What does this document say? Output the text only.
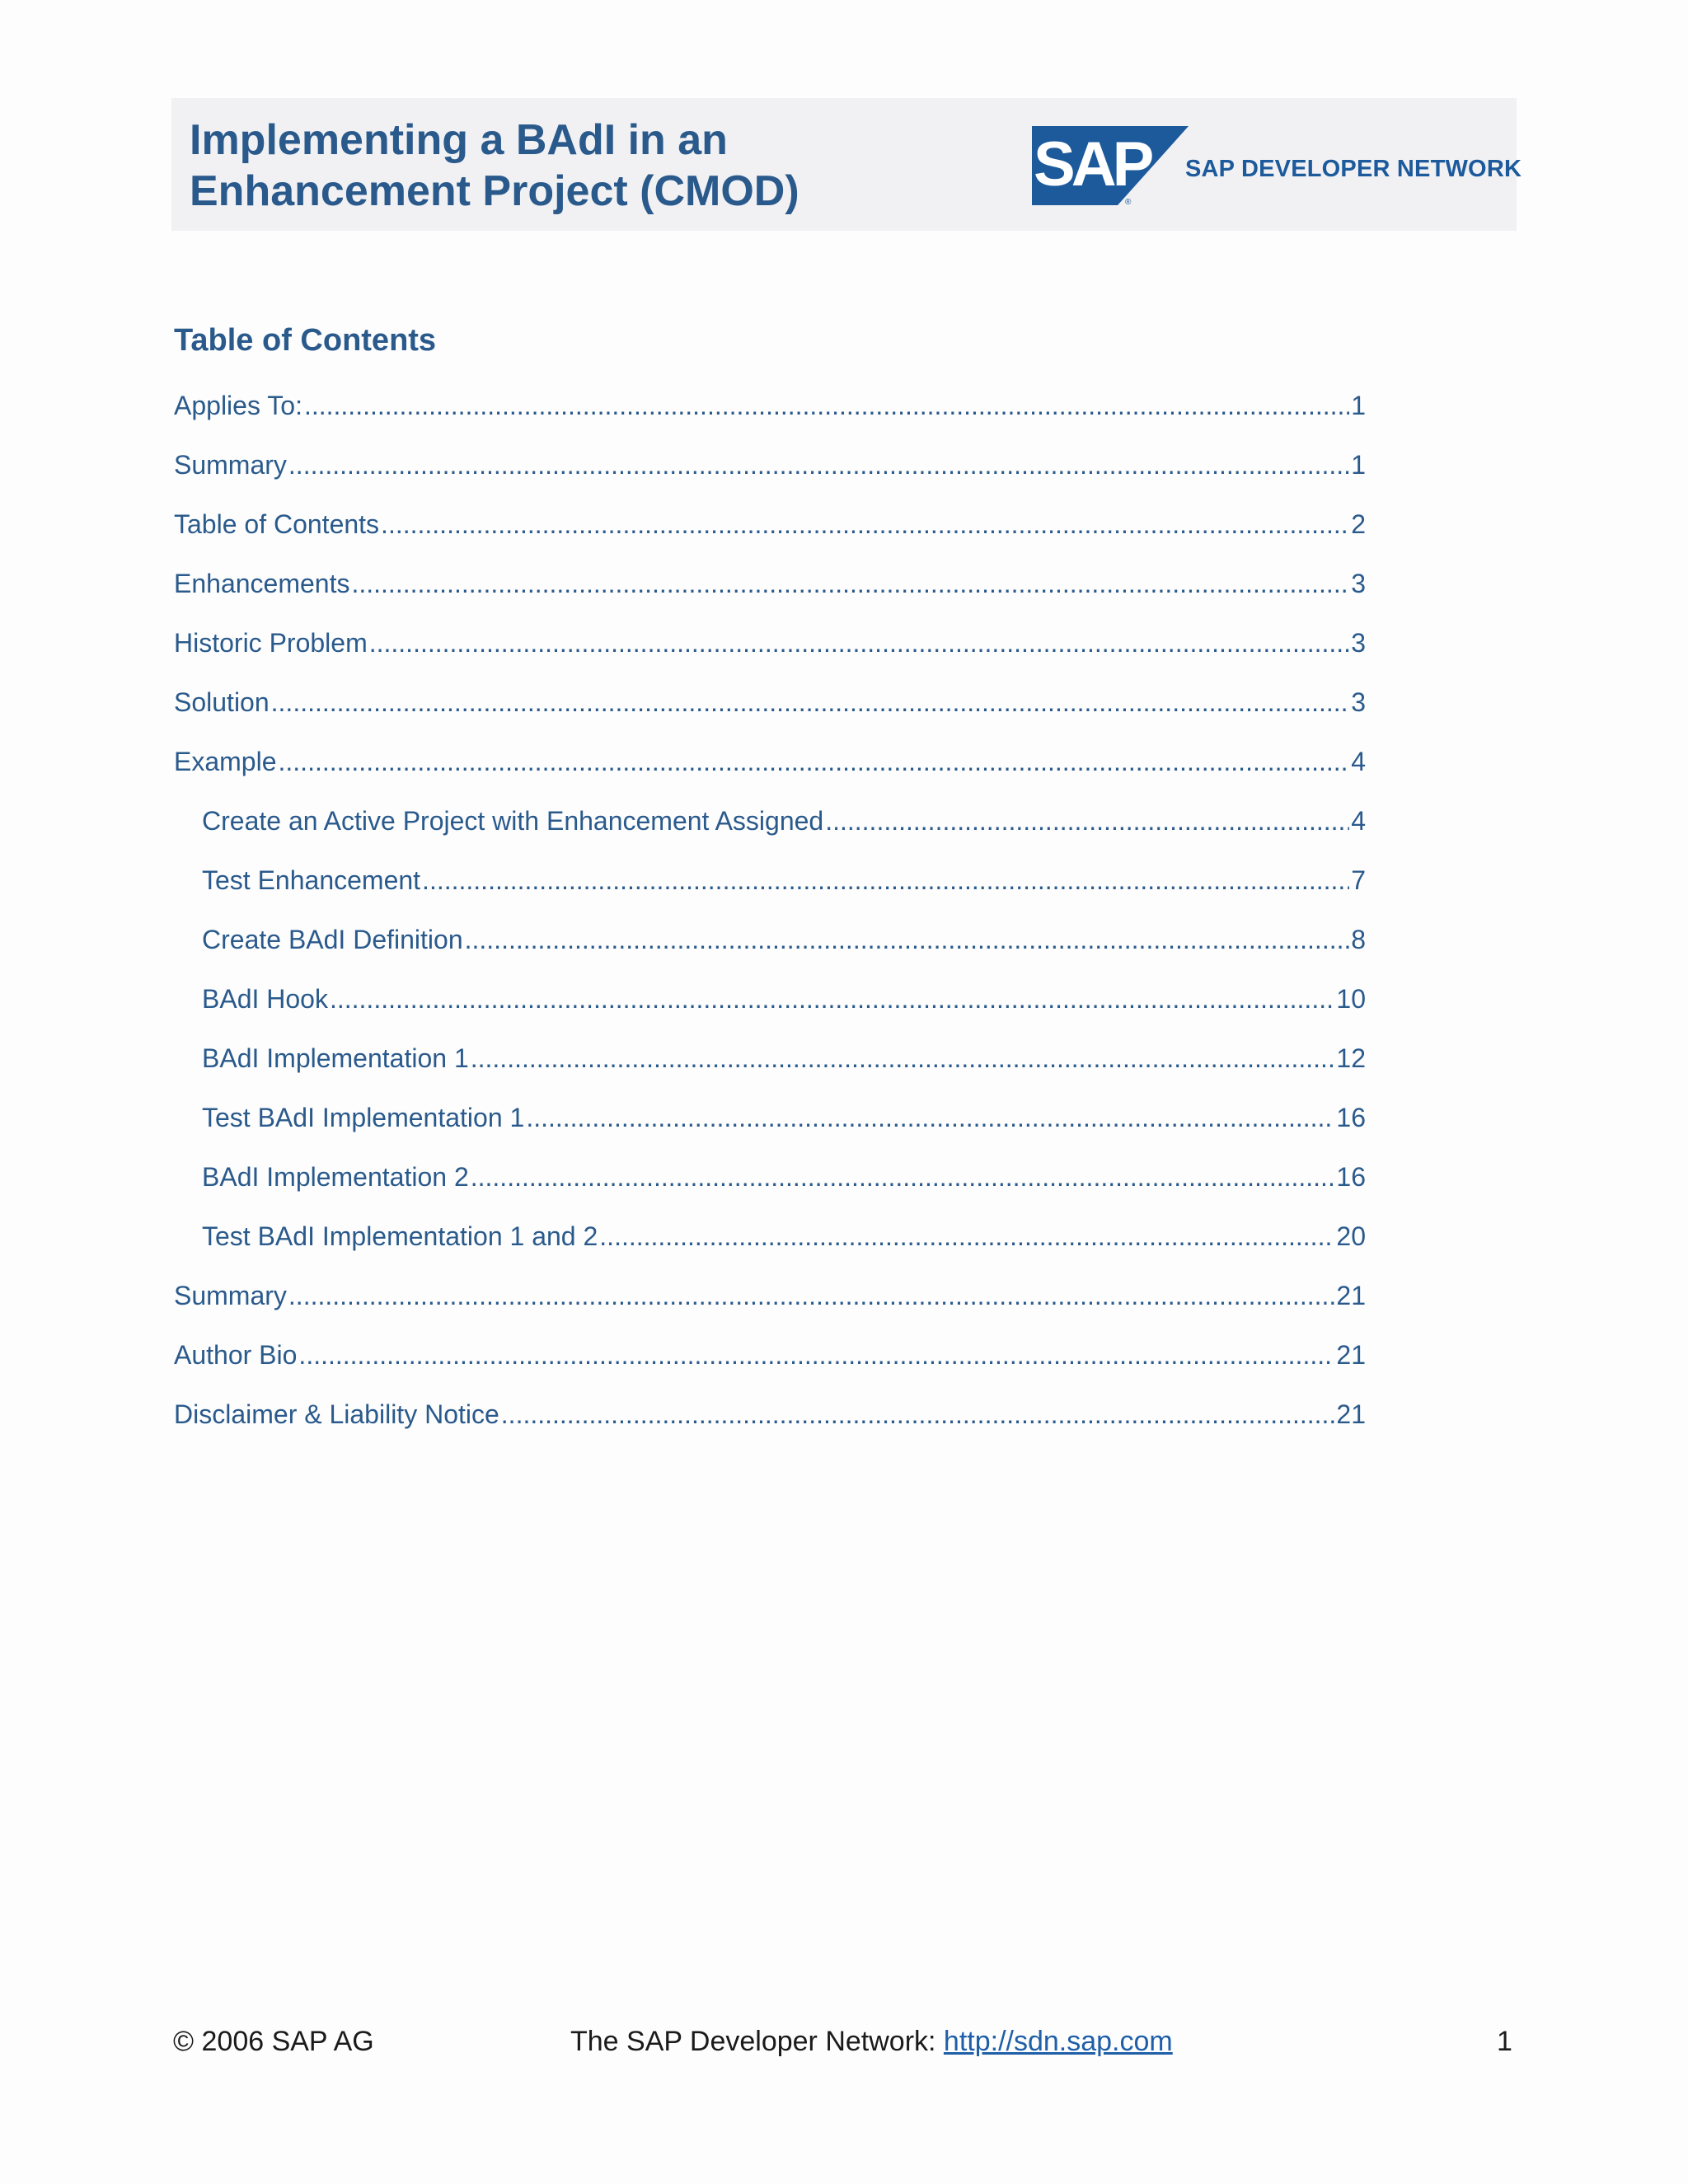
Implementing a BAdI in an
Enhancement Project (CMOD)	SAP
®
SAP DEVELOPER NETWORK
Table of Contents
Applies To: .....	1
Summary .....	1
Table of Contents .....	2
Enhancements .....	3
Historic Problem .....	3
Solution .....	3
Example .....	4
Create an Active Project with Enhancement Assigned .....	4
Test Enhancement .....	7
Create BAdI Definition .....	8
BAdI Hook .....	10
BAdI Implementation 1 .....	12
Test BAdI Implementation 1 .....	16
BAdI Implementation 2 .....	16
Test BAdI Implementation 1 and 2 .....	20
Summary .....	21
Author Bio .....	21
Disclaimer & Liability Notice .....	21
© 2006 SAP AG	The SAP Developer Network: http://sdn.sap.com	1
